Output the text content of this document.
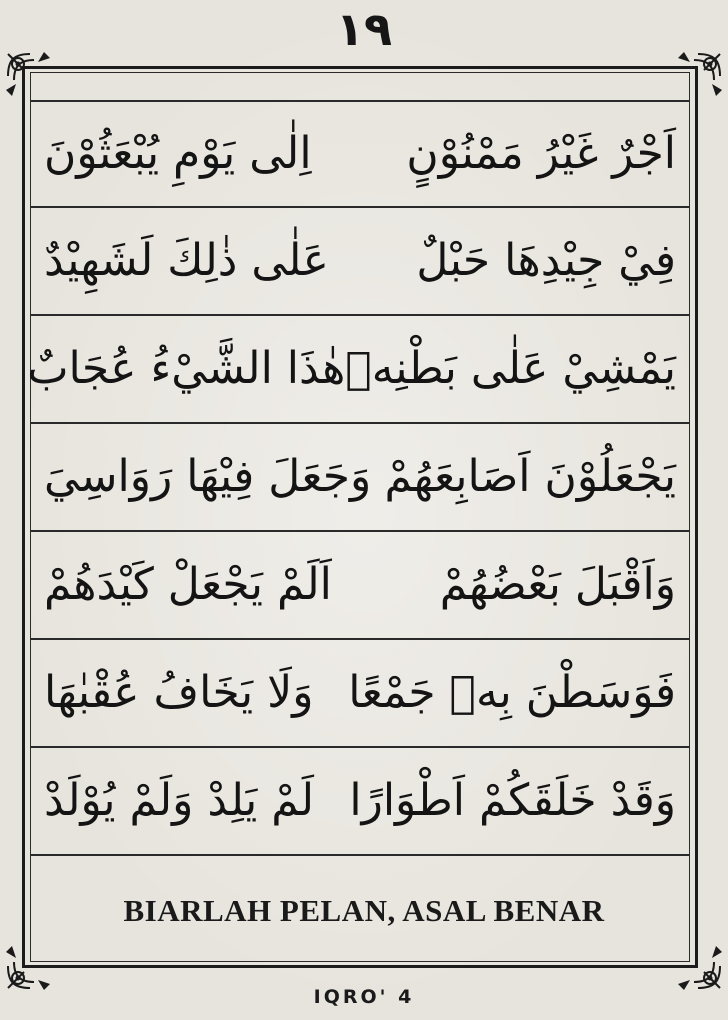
١٩
اَجْرٌ غَيْرُ مَمْنُوْنٍ
اِلٰى يَوْمِ يُبْعَثُوْنَ
فِيْ جِيْدِهَا حَبْلٌ
عَلٰى ذٰلِكَ لَشَهِيْدٌ
يَمْشِيْ عَلٰى بَطْنِهٖ
هٰذَا الشَّيْءُ عُجَابٌ
يَجْعَلُوْنَ اَصَابِعَهُمْ
وَجَعَلَ فِيْهَا رَوَاسِيَ
وَاَقْبَلَ بَعْضُهُمْ
اَلَمْ يَجْعَلْ كَيْدَهُمْ
فَوَسَطْنَ بِهٖ جَمْعًا
وَلَا يَخَافُ عُقْبٰهَا
وَقَدْ خَلَقَكُمْ اَطْوَارًا
لَمْ يَلِدْ وَلَمْ يُوْلَدْ
BIARLAH PELAN, ASAL BENAR
IQRO' 4
